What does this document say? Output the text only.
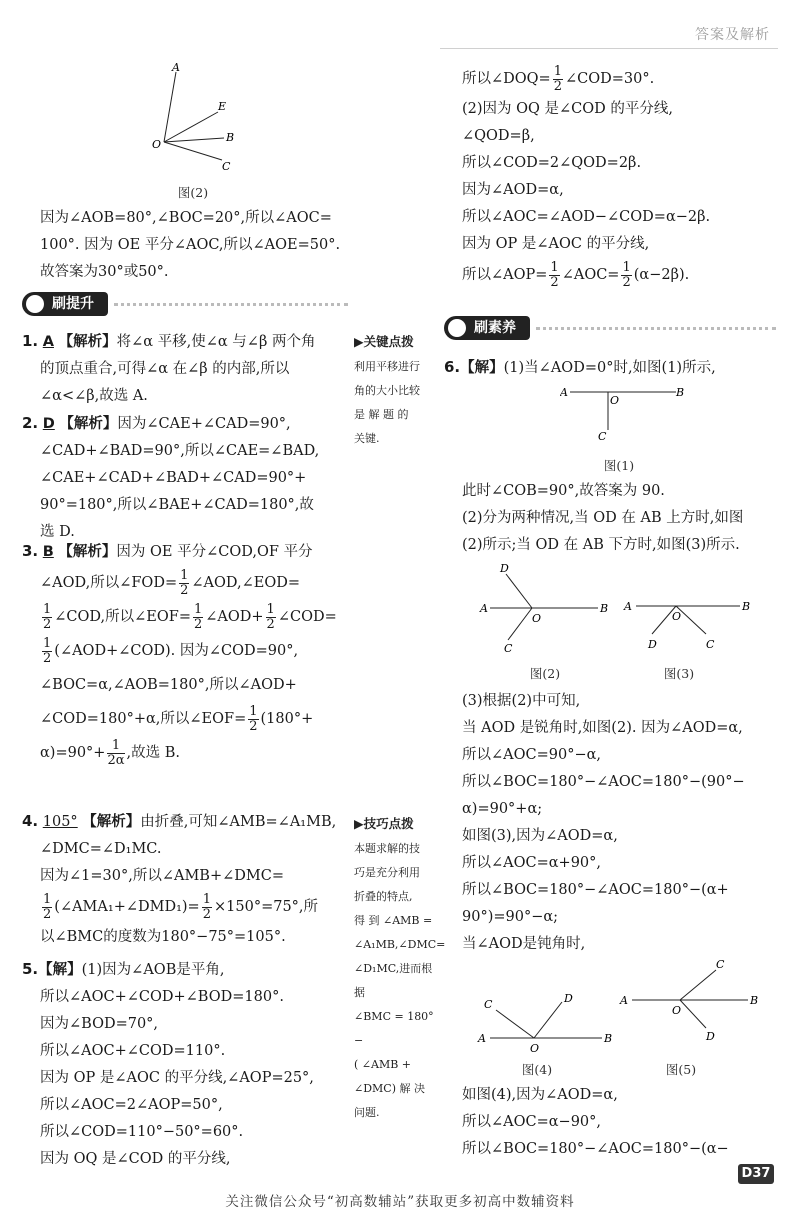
答案及解析
A
E
B
C
O
图(2)
因为∠AOB=80°,∠BOC=20°,所以∠AOC=
100°. 因为 OE 平分∠AOC,所以∠AOE=50°.
故答案为30°或50°.
刷提升
1. A 【解析】将∠α 平移,使∠α 与∠β 两个角
的顶点重合,可得∠α 在∠β 的内部,所以
∠α<∠β,故选 A.
2. D 【解析】因为∠CAE+∠CAD=90°,
∠CAD+∠BAD=90°,所以∠CAE=∠BAD,
∠CAE+∠CAD+∠BAD+∠CAD=90°+
90°=180°,所以∠BAE+∠CAD=180°,故
选 D.
3. B 【解析】因为 OE 平分∠COD,OF 平分
∠AOD,所以∠FOD= $\frac{1}{2}$ ∠AOD,∠EOD=
$\frac{1}{2}$ ∠COD,所以∠EOF= $\frac{1}{2}$ ∠AOD+ $\frac{1}{2}$ ∠COD=
$\frac{1}{2}$ (∠AOD+∠COD). 因为∠COD=90°,
∠BOC=α,∠AOB=180°,所以∠AOD+
∠COD=180°+α,所以∠EOF= $\frac{1}{2} (180^\circ+$
$\alpha)=90^\circ+ \frac{1}{2\alpha}$ ,故选 B.
4. 105° 【解析】由折叠,可知∠AMB=∠A₁MB,
∠DMC=∠D₁MC.
因为∠1=30°,所以∠AMB+∠DMC=
$\frac{1}{2}$ (∠AMA₁+∠DMD₁)= $\frac{1}{2} \times 150^\circ=75^\circ$,所
以∠BMC的度数为180°−75°=105°.
5.【解】(1)因为∠AOB是平角,
所以∠AOC+∠COD+∠BOD=180°.
因为∠BOD=70°,
所以∠AOC+∠COD=110°.
因为 OP 是∠AOC 的平分线,∠AOP=25°,
所以∠AOC=2∠AOP=50°,
所以∠COD=110°−50°=60°.
因为 OQ 是∠COD 的平分线,
▶关键点拨
利用平移进行
角的大小比较
是 解 题 的
关键.
▶技巧点拨
本题求解的技
巧是充分利用
折叠的特点,
得 到 ∠AMB =
∠A₁MB,∠DMC=
∠D₁MC,进而根据
∠BMC = 180° −
( ∠AMB +
∠DMC) 解 决
问题.
所以∠DOQ= $\frac{1}{2}$ ∠COD=30°.
(2)因为 OQ 是∠COD 的平分线,
∠QOD=β,
所以∠COD=2∠QOD=2β.
因为∠AOD=α,
所以∠AOC=∠AOD−∠COD=α−2β.
因为 OP 是∠AOC 的平分线,
所以∠AOP= $\frac{1}{2}$ ∠AOC= $\frac{1}{2} (\alpha-2\beta)$.
刷素养
6.【解】(1)当∠AOD=0°时,如图(1)所示,
A	B
O
C
图(1)
此时∠COB=90°,故答案为 90.
(2)分为两种情况,当 OD 在 AB 上方时,如图
(2)所示;当 OD 在 AB 下方时,如图(3)所示.
A	B
D
O
C
A	B
O
D	C
图(2)	图(3)
(3)根据(2)中可知,
当 AOD 是锐角时,如图(2). 因为∠AOD=α,
所以∠AOC=90°−α,
所以∠BOC=180°−∠AOC=180°−(90°−
α)=90°+α;
如图(3),因为∠AOD=α,
所以∠AOC=α+90°,
所以∠BOC=180°−∠AOC=180°−(α+
90°)=90°−α;
当∠AOD是钝角时,
A	B
C	D
O
A	B
C
O
D
图(4)	图(5)
如图(4),因为∠AOD=α,
所以∠AOC=α−90°,
所以∠BOC=180°−∠AOC=180°−(α−
D37
关注微信公众号“初高数辅站”获取更多初高中数辅资料
